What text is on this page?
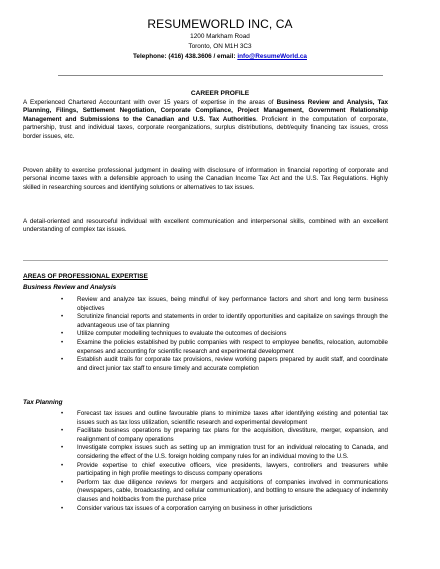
RESUMEWORLD INC, CA
1200 Markham Road
Toronto, ON M1H 3C3
Telephone: (416) 438.3606 / email: info@ResumeWorld.ca
CAREER PROFILE

A Experienced Chartered Accountant with over 15 years of expertise in the areas of Business Review and Analysis, Tax Planning, Filings, Settlement Negotiation, Corporate Compliance, Project Management, Government Relationship Management and Submissions to the Canadian and U.S. Tax Authorities. Proficient in the computation of corporate, partnership, trust and individual taxes, corporate reorganizations, surplus distributions, debt/equity financing tax issues, cross border issues, etc.

Proven ability to exercise professional judgment in dealing with disclosure of information in financial reporting of corporate and personal income taxes with a defensible approach to using the Canadian Income Tax Act and the U.S. Tax Regulations. Highly skilled in researching sources and identifying solutions or alternatives to tax issues.

A detail-oriented and resourceful individual with excellent communication and interpersonal skills, combined with an excellent understanding of complex tax issues.

AREAS OF PROFESSIONAL EXPERTISE
Business Review and Analysis
• Review and analyze tax issues, being mindful of key performance factors and short and long term business objectives
• Scrutinize financial reports and statements in order to identify opportunities and capitalize on savings through the advantageous use of tax planning
• Utilize computer modelling techniques to evaluate the outcomes of decisions
• Examine the policies established by public companies with respect to employee benefits, relocation, automobile expenses and accounting for scientific research and experimental development
• Establish audit trails for corporate tax provisions, review working papers prepared by audit staff, and coordinate and direct junior tax staff to ensure timely and accurate completion
Tax Planning
• Forecast tax issues and outline favourable plans to minimize taxes after identifying existing and potential tax issues such as tax loss utilization, scientific research and experimental development
• Facilitate business operations by preparing tax plans for the acquisition, divestiture, merger, expansion, and realignment of company operations
• Investigate complex issues such as setting up an immigration trust for an individual relocating to Canada, and considering the effect of the U.S. foreign holding company rules for an individual moving to the U.S.
• Provide expertise to chief executive officers, vice presidents, lawyers, controllers and treasurers while participating in high profile meetings to discuss company operations
• Perform tax due diligence reviews for mergers and acquisitions of companies involved in communications (newspapers, cable, broadcasting, and cellular communication), and bottling to ensure the adequacy of indemnity clauses and holdbacks from the purchase price
• Consider various tax issues of a corporation carrying on business in other jurisdictions
